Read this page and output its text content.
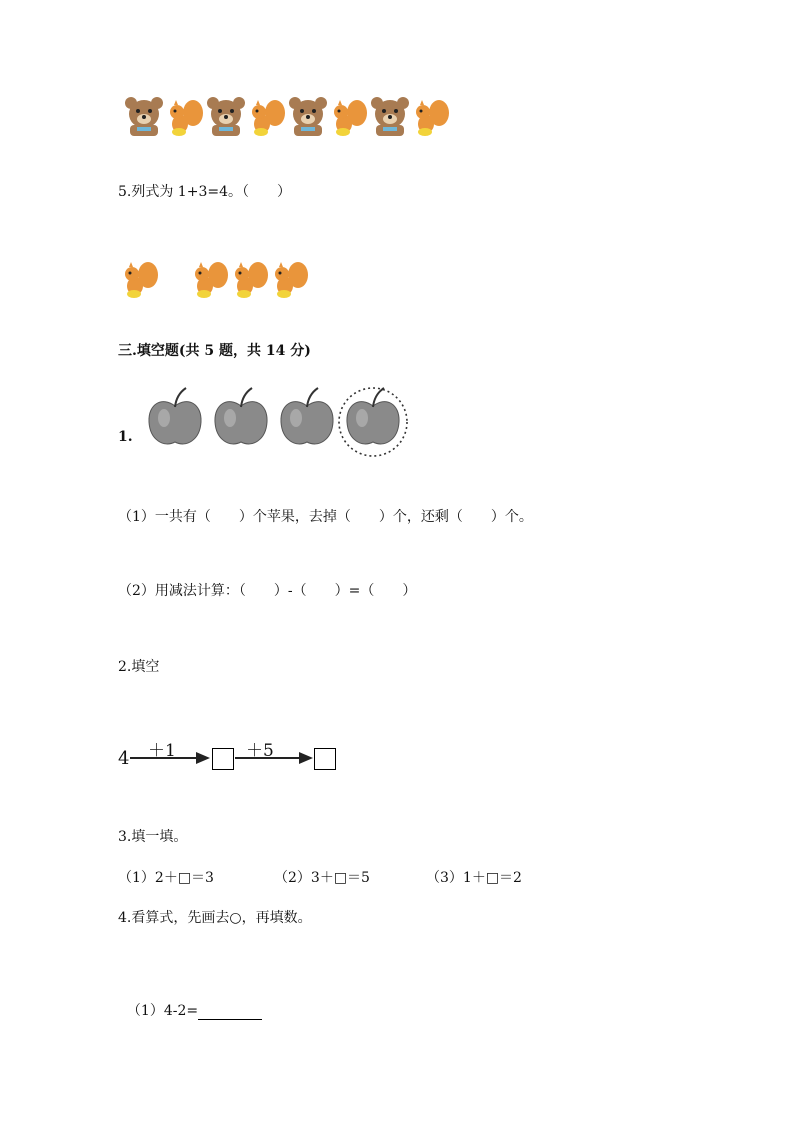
5.列式为 1+3=4。（　　）
三.填空题(共 5 题，共 14 分)
1.
（1）一共有（　　）个苹果，去掉（　　）个，还剩（　　）个。
（2）用减法计算：（　　）-（　　）=（　　）
2.填空
4 ＋1	＋5
3.填一填。
（1）2＋□＝3	（2）3＋□＝5	（3）1＋□＝2
4.看算式，先画去○，再填数。

（1）4-2=
